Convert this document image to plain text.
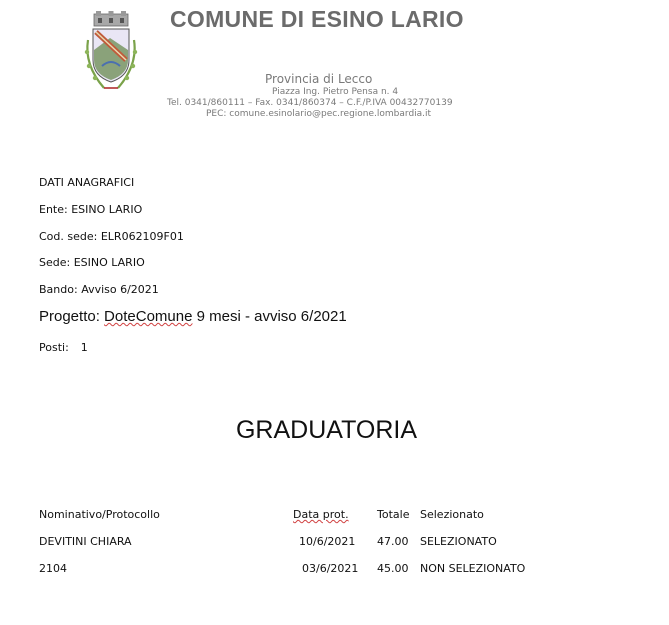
COMUNE DI ESINO LARIO
Provincia di Lecco
Piazza Ing. Pietro Pensa n. 4
Tel. 0341/860111 – Fax. 0341/860374 – C.F./P.IVA 00432770139
PEC: comune.esinolario@pec.regione.lombardia.it
DATI ANAGRAFICI
Ente: ESINO LARIO
Cod. sede: ELR062109F01
Sede: ESINO LARIO
Bando: Avviso 6/2021
Progetto: DoteComune 9 mesi - avviso 6/2021
Posti: 1
GRADUATORIA
Nominativo/Protocollo	Data prot.	Totale Selezionato
DEVITINI CHIARA	10/6/2021 47.00 SELEZIONATO
2104	03/6/2021 45.00 NON SELEZIONATO
